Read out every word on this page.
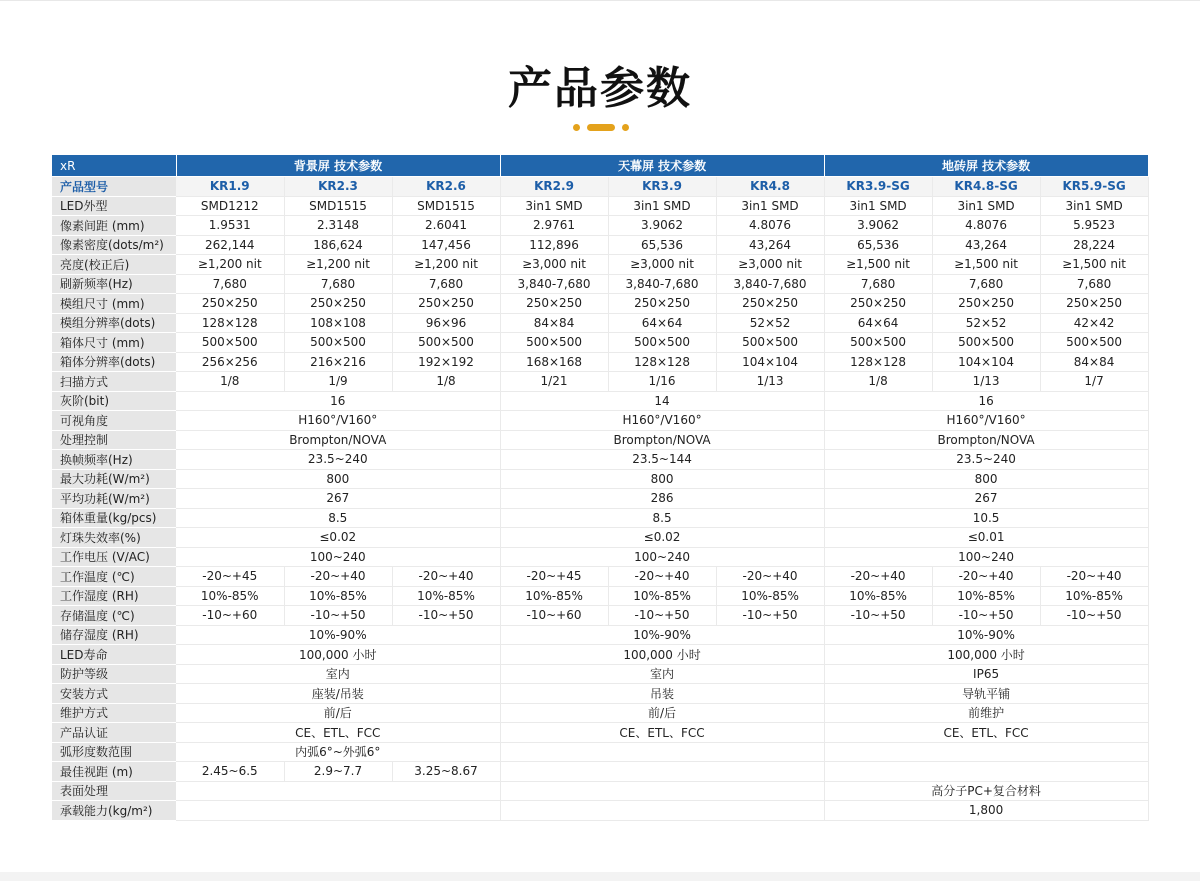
产品参数
xR	背景屏 技术参数			天幕屏 技术参数			地砖屏 技术参数		
产品型号	KR1.9	KR2.3	KR2.6	KR2.9	KR3.9	KR4.8	KR3.9-SG	KR4.8-SG	KR5.9-SG
LED外型	SMD1212	SMD1515	SMD1515	3in1 SMD	3in1 SMD	3in1 SMD	3in1 SMD	3in1 SMD	3in1 SMD
像素间距 (mm)	1.9531	2.3148	2.6041	2.9761	3.9062	4.8076	3.9062	4.8076	5.9523
像素密度(dots/m²)	262,144	186,624	147,456	112,896	65,536	43,264	65,536	43,264	28,224
亮度(校正后)	≥1,200 nit	≥1,200 nit	≥1,200 nit	≥3,000 nit	≥3,000 nit	≥3,000 nit	≥1,500 nit	≥1,500 nit	≥1,500 nit
刷新频率(Hz)	7,680	7,680	7,680	3,840-7,680	3,840-7,680	3,840-7,680	7,680	7,680	7,680
模组尺寸 (mm)	250×250	250×250	250×250	250×250	250×250	250×250	250×250	250×250	250×250
模组分辨率(dots)	128×128	108×108	96×96	84×84	64×64	52×52	64×64	52×52	42×42
箱体尺寸 (mm)	500×500	500×500	500×500	500×500	500×500	500×500	500×500	500×500	500×500
箱体分辨率(dots)	256×256	216×216	192×192	168×168	128×128	104×104	128×128	104×104	84×84
扫描方式	1/8	1/9	1/8	1/21	1/16	1/13	1/8	1/13	1/7
灰阶(bit)	16			14			16		
可视角度	H160°/V160°			H160°/V160°			H160°/V160°		
处理控制	Brompton/NOVA			Brompton/NOVA			Brompton/NOVA		
换帧频率(Hz)	23.5~240			23.5~144			23.5~240		
最大功耗(W/m²)	800			800			800		
平均功耗(W/m²)	267			286			267		
箱体重量(kg/pcs)	8.5			8.5			10.5		
灯珠失效率(%)	≤0.02			≤0.02			≤0.01		
工作电压 (V/AC)	100~240			100~240			100~240		
工作温度 (℃)	-20~+45	-20~+40	-20~+40	-20~+45	-20~+40	-20~+40	-20~+40	-20~+40	-20~+40
工作湿度 (RH)	10%-85%	10%-85%	10%-85%	10%-85%	10%-85%	10%-85%	10%-85%	10%-85%	10%-85%
存储温度 (℃)	-10~+60	-10~+50	-10~+50	-10~+60	-10~+50	-10~+50	-10~+50	-10~+50	-10~+50
储存湿度 (RH)	10%-90%			10%-90%			10%-90%		
LED寿命	100,000 小时			100,000 小时			100,000 小时		
防护等级	室内			室内			IP65		
安装方式	座装/吊装			吊装			导轨平铺		
维护方式	前/后			前/后			前维护		
产品认证	CE、ETL、FCC			CE、ETL、FCC			CE、ETL、FCC		
弧形度数范围	内弧6°~外弧6°								
最佳视距 (m)	2.45~6.5	2.9~7.7	3.25~8.67						
表面处理							高分子PC+复合材料		
承载能力(kg/m²)							1,800		
